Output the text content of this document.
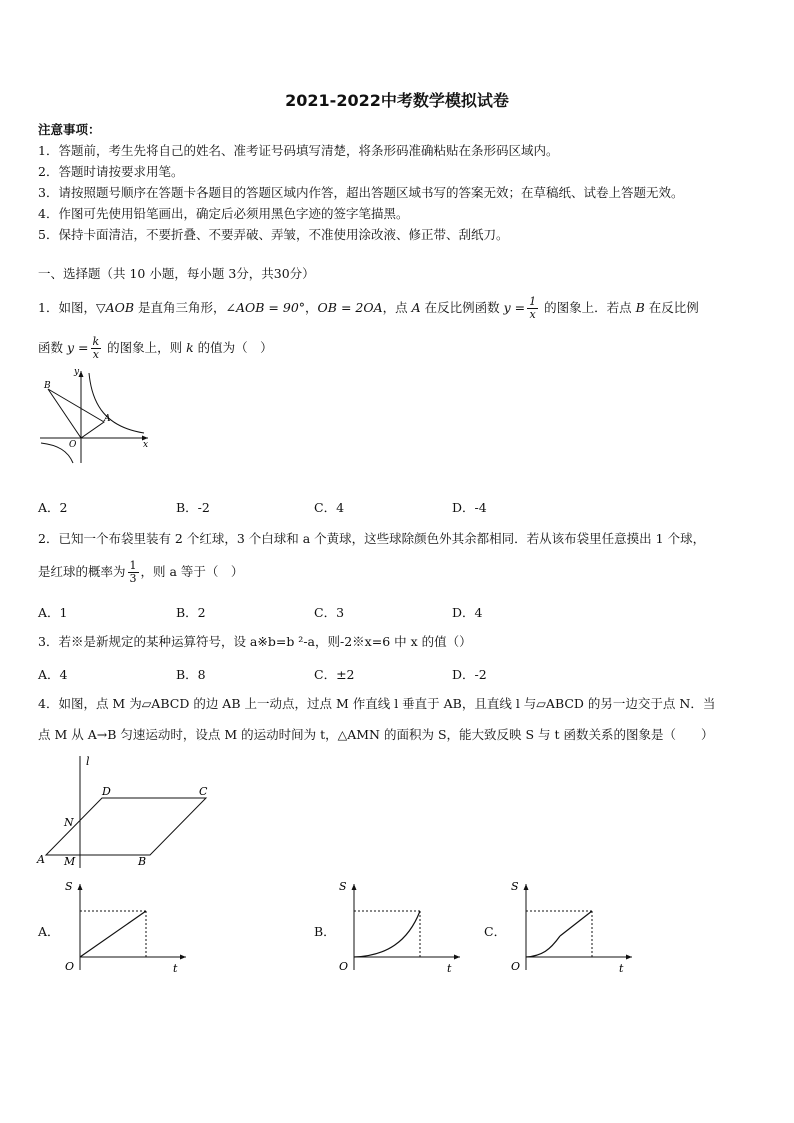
2021-2022中考数学模拟试卷
注意事项：
1．答题前，考生先将自己的姓名、准考证号码填写清楚，将条形码准确粘贴在条形码区域内。
2．答题时请按要求用笔。
3．请按照题号顺序在答题卡各题目的答题区域内作答，超出答题区域书写的答案无效；在草稿纸、试卷上答题无效。
4．作图可先使用铅笔画出，确定后必须用黑色字迹的签字笔描黑。
5．保持卡面清洁，不要折叠、不要弄破、弄皱，不准使用涂改液、修正带、刮纸刀。
一、选择题（共 10 小题，每小题 3分，共30分）
1．如图，▽AOB 是直角三角形，∠AOB = 90°，OB = 2OA，点 A 在反比例函数 $y = \frac{1}{x}$ 的图象上．若点 B 在反比例
函数 $y = \frac{k}{x}$ 的图象上，则 k 的值为（　）
B
y
A
O	x
A．2	B．-2	C．4	D．-4
2．已知一个布袋里装有 2 个红球，3 个白球和 a 个黄球，这些球除颜色外其余都相同．若从该布袋里任意摸出 1 个球，
是红球的概率为 $\frac{1}{3}$ ，则 a 等于（　）
A．1	B．2	C．3	D．4
3．若※是新规定的某种运算符号，设 a※b=b ²-a，则-2※x=6 中 x 的值（）
A．4	B．8	C．±2	D．-2
4．如图，点 M 为▱ABCD 的边 AB 上一动点，过点 M 作直线 l 垂直于 AB，且直线 l 与▱ABCD 的另一边交于点 N．当
点 M 从 A→B 匀速运动时，设点 M 的运动时间为 t，△AMN 的面积为 S，能大致反映 S 与 t 函数关系的图象是（　　）
l
D	C
N
A M	B
A．
S
O	t
B．
S
O	t
C．
S
O	t
